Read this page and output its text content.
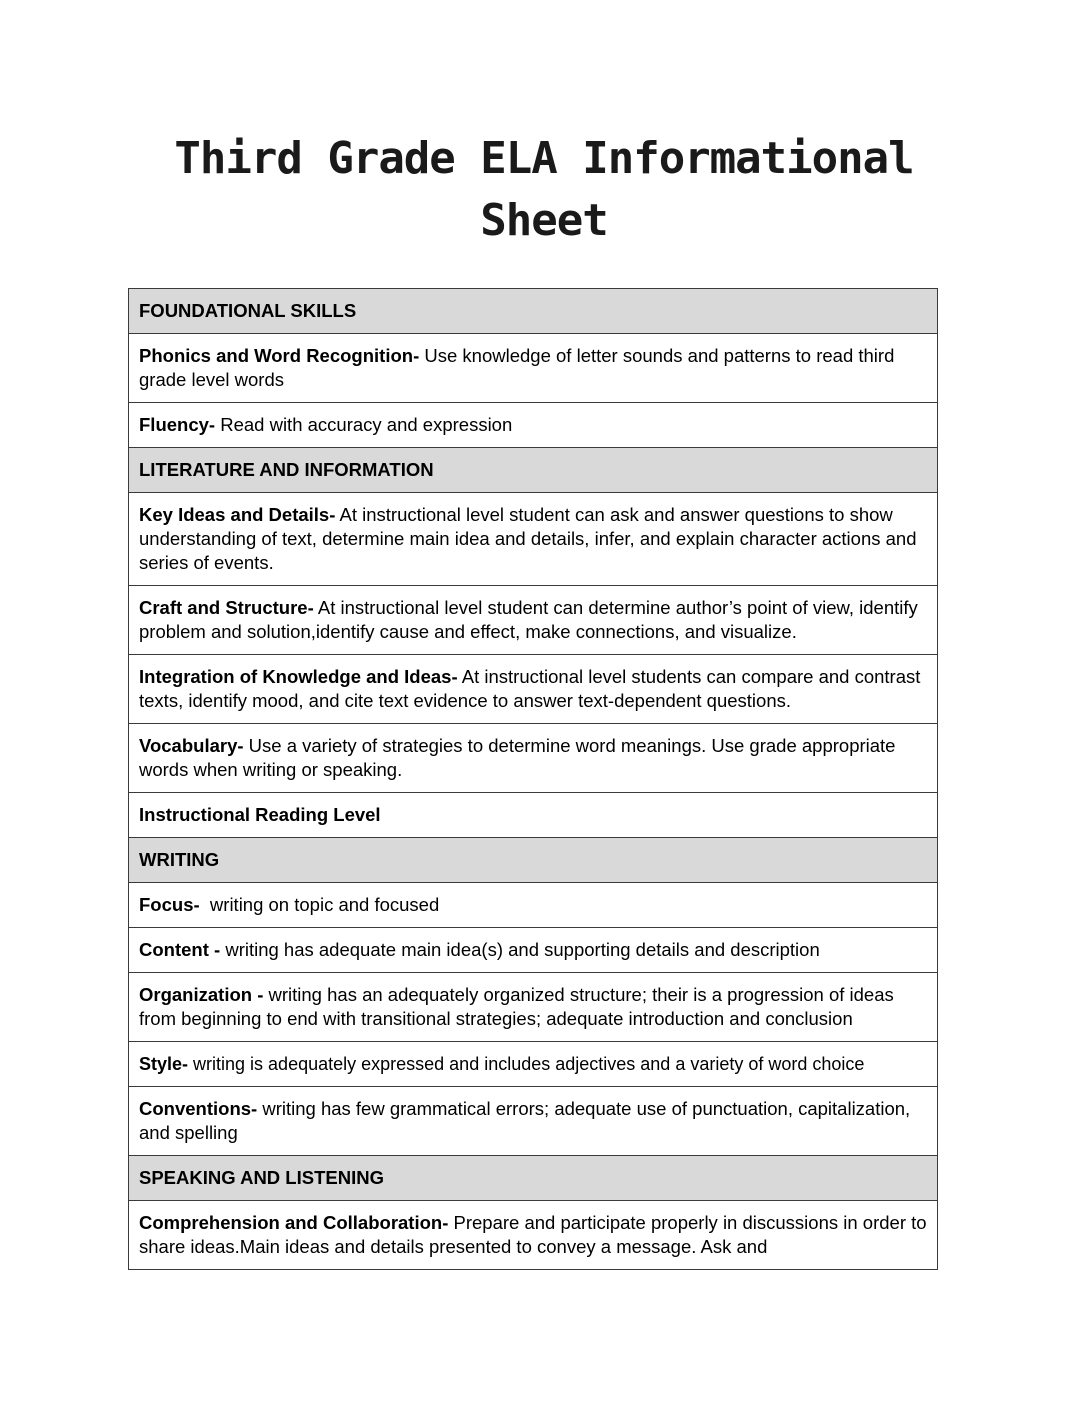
Third Grade ELA Informational
Sheet
FOUNDATIONAL SKILLS
Phonics and Word Recognition- Use knowledge of letter sounds and patterns to read third grade level words
Fluency- Read with accuracy and expression
LITERATURE AND INFORMATION
Key Ideas and Details- At instructional level student can ask and answer questions to show understanding of text, determine main idea and details, infer, and explain character actions and series of events.
Craft and Structure- At instructional level student can determine author’s point of view, identify problem and solution,identify cause and effect, make connections, and visualize.
Integration of Knowledge and Ideas- At instructional level students can compare and contrast texts, identify mood, and cite text evidence to answer text-dependent questions.
Vocabulary- Use a variety of strategies to determine word meanings. Use grade appropriate words when writing or speaking.
Instructional Reading Level
WRITING
Focus-  writing on topic and focused
Content - writing has adequate main idea(s) and supporting details and description
Organization - writing has an adequately organized structure; their is a progression of ideas from beginning to end with transitional strategies; adequate introduction and conclusion
Style- writing is adequately expressed and includes adjectives and a variety of word choice
Conventions- writing has few grammatical errors; adequate use of punctuation, capitalization, and spelling
SPEAKING AND LISTENING
Comprehension and Collaboration- Prepare and participate properly in discussions in order to share ideas.Main ideas and details presented to convey a message. Ask and
